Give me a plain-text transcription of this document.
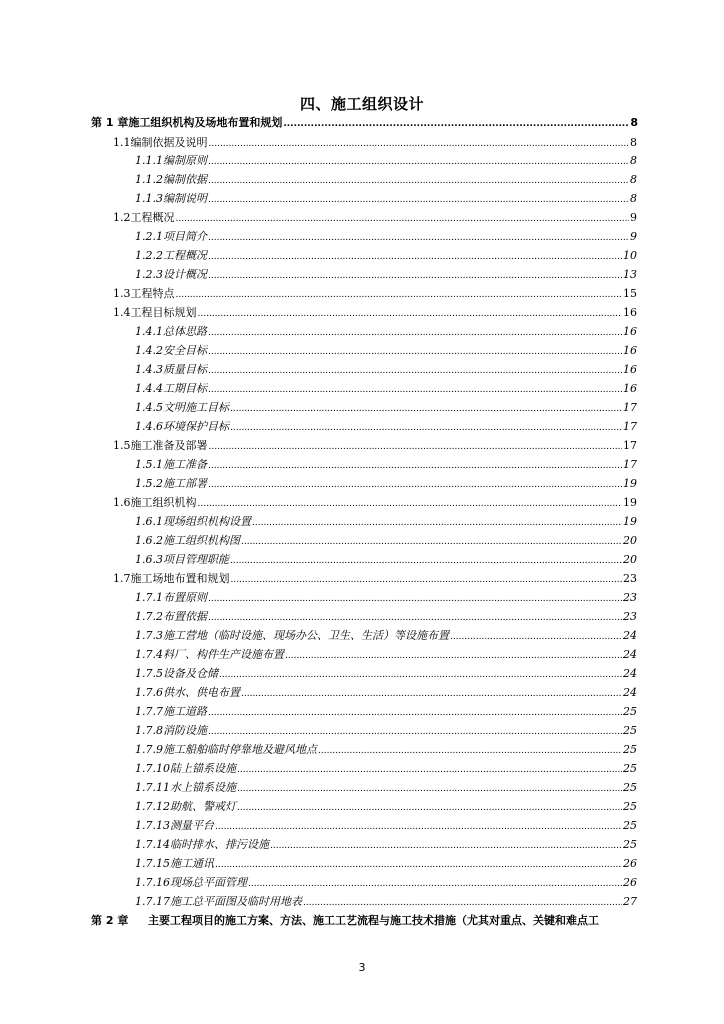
四、施工组织设计
第 1 章 施工组织机构及场地布置和规划 .....	8
1.1 编制依据及说明 .....	8
1.1.1 编制原则 .....	8
1.1.2 编制依据 .....	8
1.1.3 编制说明 .....	8
1.2 工程概况 .....	9
1.2.1 项目简介 .....	9
1.2.2 工程概况 .....	10
1.2.3 设计概况 .....	13
1.3 工程特点 .....	15
1.4 工程目标规划 .....	16
1.4.1 总体思路 .....	16
1.4.2 安全目标 .....	16
1.4.3 质量目标 .....	16
1.4.4 工期目标 .....	16
1.4.5 文明施工目标 .....	17
1.4.6 环境保护目标 .....	17
1.5 施工准备及部署 .....	17
1.5.1 施工准备 .....	17
1.5.2 施工部署 .....	19
1.6 施工组织机构 .....	19
1.6.1 现场组织机构设置 .....	19
1.6.2 施工组织机构图 .....	20
1.6.3 项目管理职能 .....	20
1.7 施工场地布置和规划 .....	23
1.7.1 布置原则 .....	23
1.7.2 布置依据 .....	23
1.7.3 施工营地（临时设施、现场办公、卫生、生活）等设施布置 .....	24
1.7.4 料厂、构件生产设施布置 .....	24
1.7.5 设备及仓储 .....	24
1.7.6 供水、供电布置 .....	24
1.7.7 施工道路 .....	25
1.7.8 消防设施 .....	25
1.7.9 施工船舶临时停靠地及避风地点 .....	25
1.7.10 陆上锚系设施 .....	25
1.7.11 水上锚系设施 .....	25
1.7.12 助航、警戒灯 .....	25
1.7.13 测量平台 .....	25
1.7.14 临时排水、排污设施 .....	25
1.7.15 施工通讯 .....	26
1.7.16 现场总平面管理 .....	26
1.7.17 施工总平面图及临时用地表 .....	27
第 2 章	主要工程项目的施工方案、方法、施工工艺流程与施工技术措施（尤其对重点、关键和难点工
3
